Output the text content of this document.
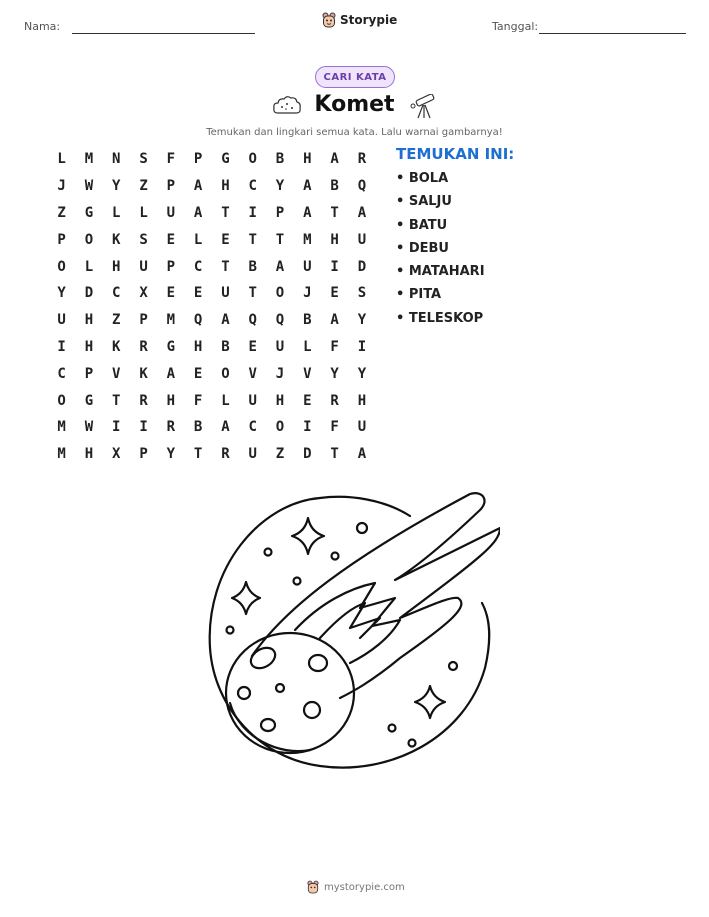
Nama:	Storypie	Tanggal:
CARI KATA
Komet
Temukan dan lingkari semua kata. Lalu warnai gambarnya!
L	M	N	S	F	P	G	O	B	H	A	R
J	W	Y	Z	P	A	H	C	Y	A	B	Q
Z	G	L	L	U	A	T	I	P	A	T	A
P	O	K	S	E	L	E	T	T	M	H	U
O	L	H	U	P	C	T	B	A	U	I	D
Y	D	C	X	E	E	U	T	O	J	E	S
U	H	Z	P	M	Q	A	Q	Q	B	A	Y
I	H	K	R	G	H	B	E	U	L	F	I
C	P	V	K	A	E	O	V	J	V	Y	Y
O	G	T	R	H	F	L	U	H	E	R	H
M	W	I	I	R	B	A	C	O	I	F	U
M	H	X	P	Y	T	R	U	Z	D	T	A
TEMUKAN INI:
• BOLA
• SALJU
• BATU
• DEBU
• MATAHARI
• PITA
• TELESKOP
mystorypie.com
